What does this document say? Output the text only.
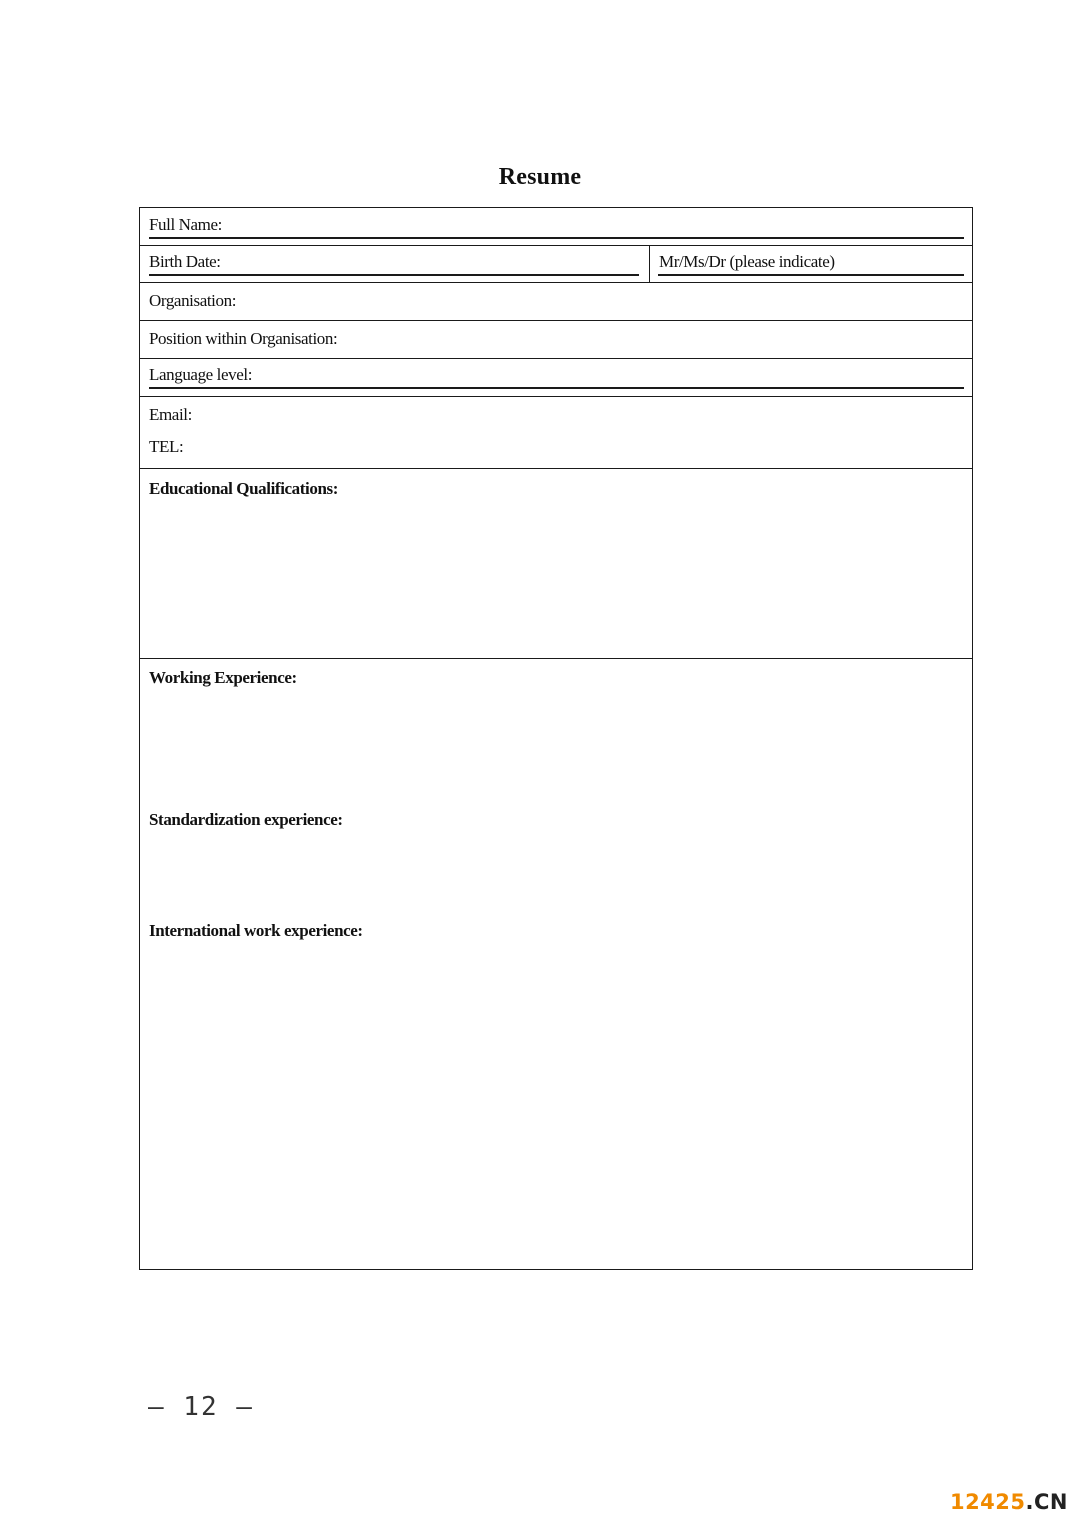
Resume
Full Name:
Birth Date:	Mr/Ms/Dr (please indicate)
Organisation:
Position within Organisation:
Language level:
Email:
TEL:
Educational Qualifications:
Working Experience:
Standardization experience:
International work experience:
— 12 —
12425.CN
